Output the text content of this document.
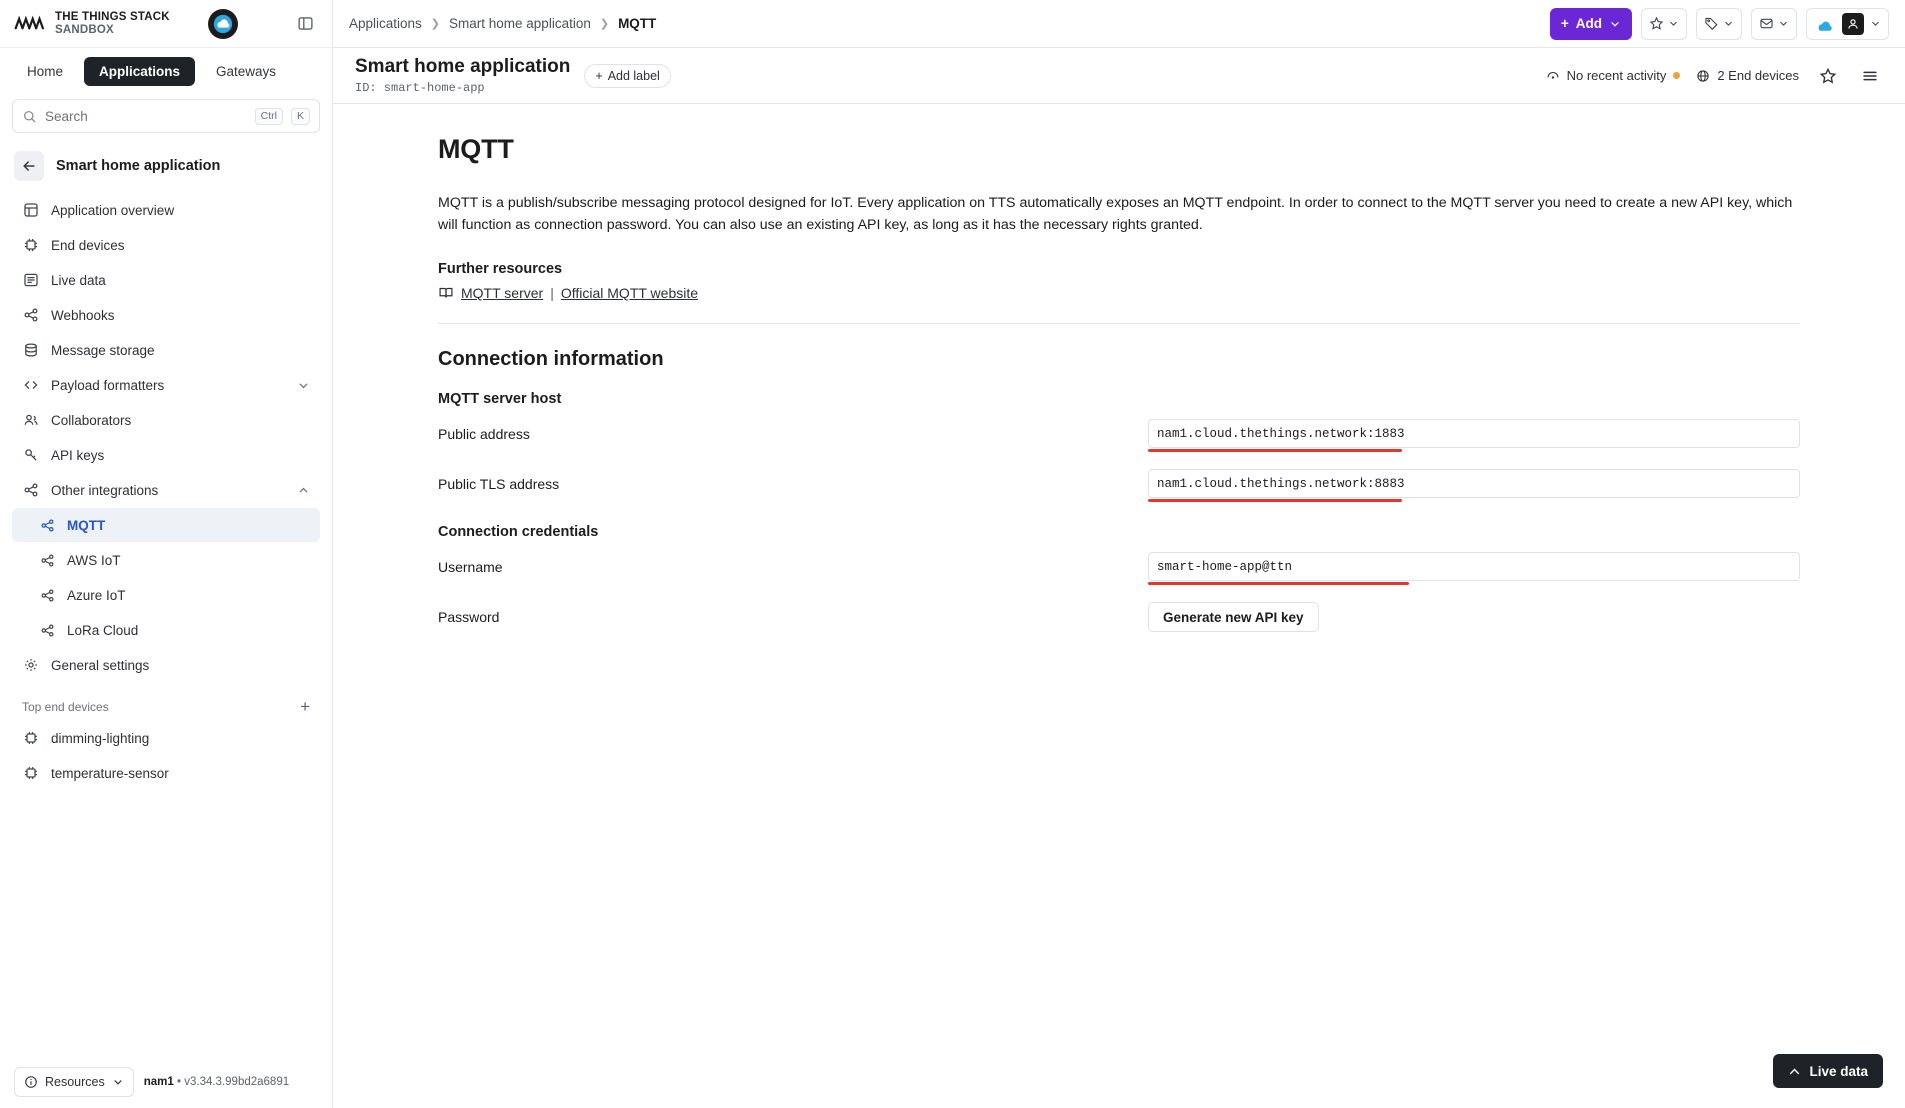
THE THINGS STACK
SANDBOX
Home	Applications	Gateways
Search	Ctrl	K
Smart home application
Application overview
End devices
Live data
Webhooks
Message storage
Payload formatters
Collaborators
API keys
Other integrations
MQTT
AWS IoT
Azure IoT
LoRa Cloud
General settings
Top end devices	+
dimming-lighting
temperature-sensor
Resources	nam1 • v3.34.3.99bd2a6891
Applications ❯ Smart home application ❯ MQTT	+ Add
Smart home application
ID: smart-home-app
+ Add label	No recent activity	2 End devices
MQTT

MQTT is a publish/subscribe messaging protocol designed for IoT. Every application on TTS automatically exposes an MQTT endpoint. In order to connect to the MQTT server you need to create a new API key, which will function as connection password. You can also use an existing API key, as long as it has the necessary rights granted.

Further resources
MQTT server | Official MQTT website
Connection information
MQTT server host
Public address	nam1.cloud.thethings.network:1883
Public TLS address	nam1.cloud.thethings.network:8883
Connection credentials
Username	smart-home-app@ttn
Password	Generate new API key
Live data
